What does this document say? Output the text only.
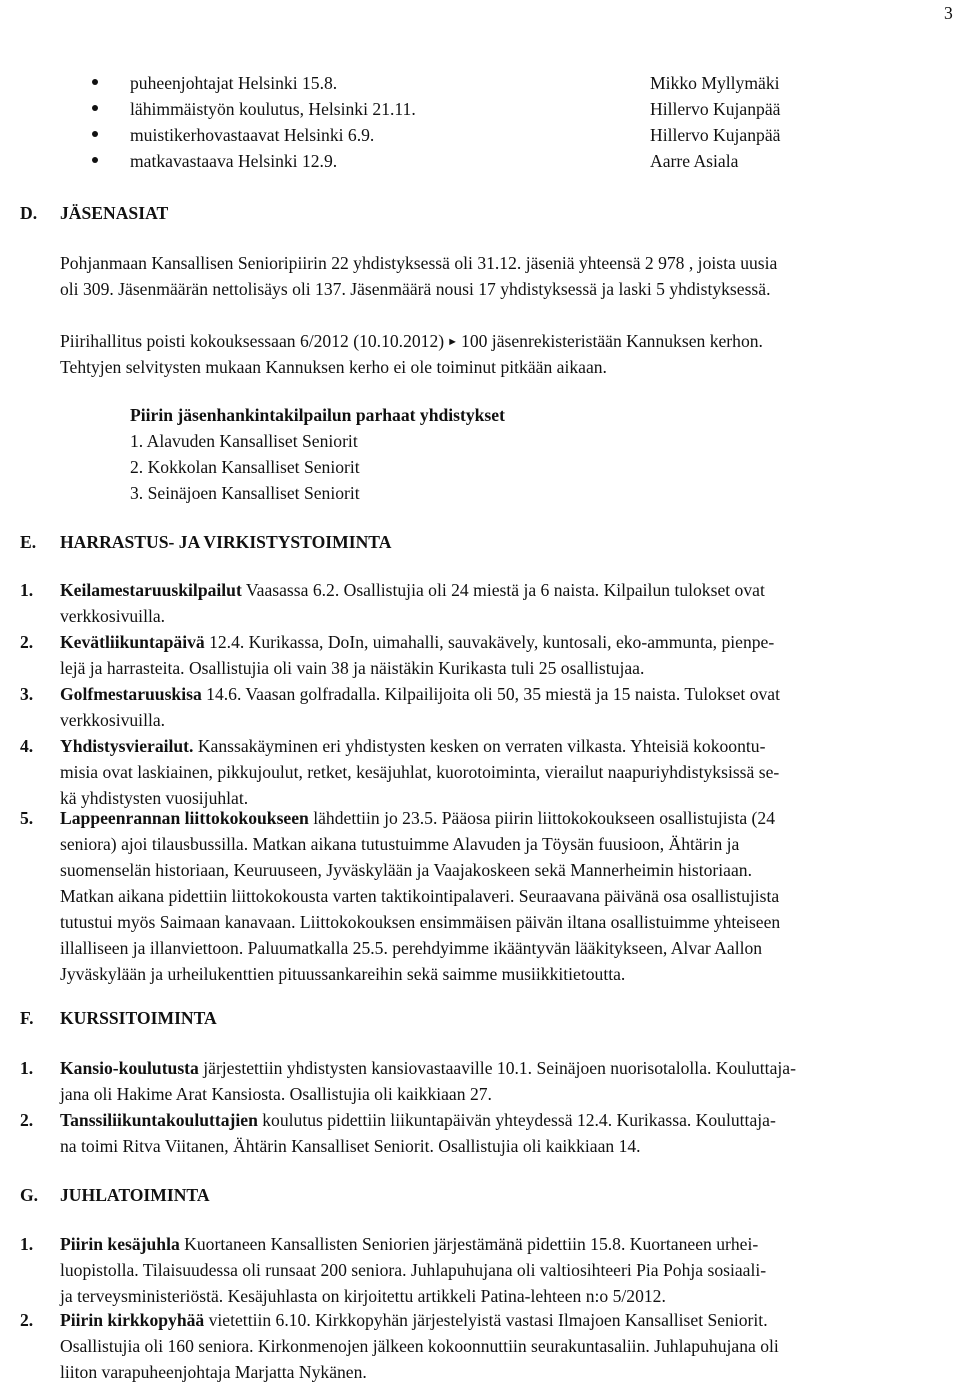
3
puheenjohtajat Helsinki 15.8.	Mikko Myllymäki
lähimmäistyön koulutus, Helsinki 21.11.	Hillervo Kujanpää
muistikerhovastaavat Helsinki 6.9.	Hillervo Kujanpää
matkavastaava Helsinki 12.9.	Aarre Asiala
D. JÄSENASIAT
Pohjanmaan Kansallisen Senioripiirin 22 yhdistyksessä oli 31.12. jäseniä yhteensä 2 978 , joista uusia
oli 309. Jäsenmäärän nettolisäys oli 137. Jäsenmäärä nousi 17 yhdistyksessä ja laski 5 yhdistyksessä.
Piirihallitus poisti kokouksessaan 6/2012 (10.10.2012) ► 100 jäsenrekisteristään Kannuksen kerhon.
Tehtyjen selvitysten mukaan Kannuksen kerho ei ole toiminut pitkään aikaan.
Piirin jäsenhankintakilpailun parhaat yhdistykset
1. Alavuden Kansalliset Seniorit
2. Kokkolan Kansalliset Seniorit
3. Seinäjoen Kansalliset Seniorit
E. HARRASTUS- JA VIRKISTYSTOIMINTA
1. Keilamestaruuskilpailut Vaasassa 6.2. Osallistujia oli 24 miestä ja 6 naista. Kilpailun tulokset ovat
verkkosivuilla.
2. Kevätliikuntapäivä 12.4. Kurikassa, DoIn, uimahalli, sauvakävely, kuntosali, eko-ammunta, pienpe-
lejä ja harrasteita. Osallistujia oli vain 38 ja näistäkin Kurikasta tuli 25 osallistujaa.
3. Golfmestaruuskisa 14.6. Vaasan golfradalla. Kilpailijoita oli 50, 35 miestä ja 15 naista. Tulokset ovat
verkkosivuilla.
4. Yhdistysvierailut. Kanssakäyminen eri yhdistysten kesken on verraten vilkasta. Yhteisiä kokoontu-
misia ovat laskiainen, pikkujoulut, retket, kesäjuhlat, kuorotoiminta, vierailut naapuriyhdistyksissä se-
kä yhdistysten vuosijuhlat.
5. Lappeenrannan liittokokoukseen lähdettiin jo 23.5. Pääosa piirin liittokokoukseen osallistujista (24
seniora) ajoi tilausbussilla. Matkan aikana tutustuimme Alavuden ja Töysän fuusioon, Ähtärin ja
suomenselän historiaan, Keuruuseen, Jyväskylään ja Vaajakoskeen sekä Mannerheimin historiaan.
Matkan aikana pidettiin liittokokousta varten taktikointipalaveri. Seuraavana päivänä osa osallistujista
tutustui myös Saimaan kanavaan. Liittokokouksen ensimmäisen päivän iltana osallistuimme yhteiseen
illalliseen ja illanviettoon. Paluumatkalla 25.5. perehdyimme ikääntyvän lääkitykseen, Alvar Aallon
Jyväskylään ja urheilukenttien pituussankareihin sekä saimme musiikkitietoutta.
F. KURSSITOIMINTA
1. Kansio-koulutusta järjestettiin yhdistysten kansiovastaaville 10.1. Seinäjoen nuorisotalolla. Kouluttaja-
jana oli Hakime Arat Kansiosta. Osallistujia oli kaikkiaan 27.
2. Tanssiliikuntakouluttajien koulutus pidettiin liikuntapäivän yhteydessä 12.4. Kurikassa. Kouluttaja-
na toimi Ritva Viitanen, Ähtärin Kansalliset Seniorit. Osallistujia oli kaikkiaan 14.
G. JUHLATOIMINTA
1. Piirin kesäjuhla Kuortaneen Kansallisten Seniorien järjestämänä pidettiin 15.8. Kuortaneen urhei-
luopistolla. Tilaisuudessa oli runsaat 200 seniora. Juhlapuhujana oli valtiosihteeri Pia Pohja sosiaali-
ja terveysministeriöstä. Kesäjuhlasta on kirjoitettu artikkeli Patina-lehteen n:o 5/2012.
2. Piirin kirkkopyhää vietettiin 6.10. Kirkkopyhän järjestelyistä vastasi Ilmajoen Kansalliset Seniorit.
Osallistujia oli 160 seniora. Kirkonmenojen jälkeen kokoonnuttiin seurakuntasaliin. Juhlapuhujana oli
liiton varapuheenjohtaja Marjatta Nykänen.
